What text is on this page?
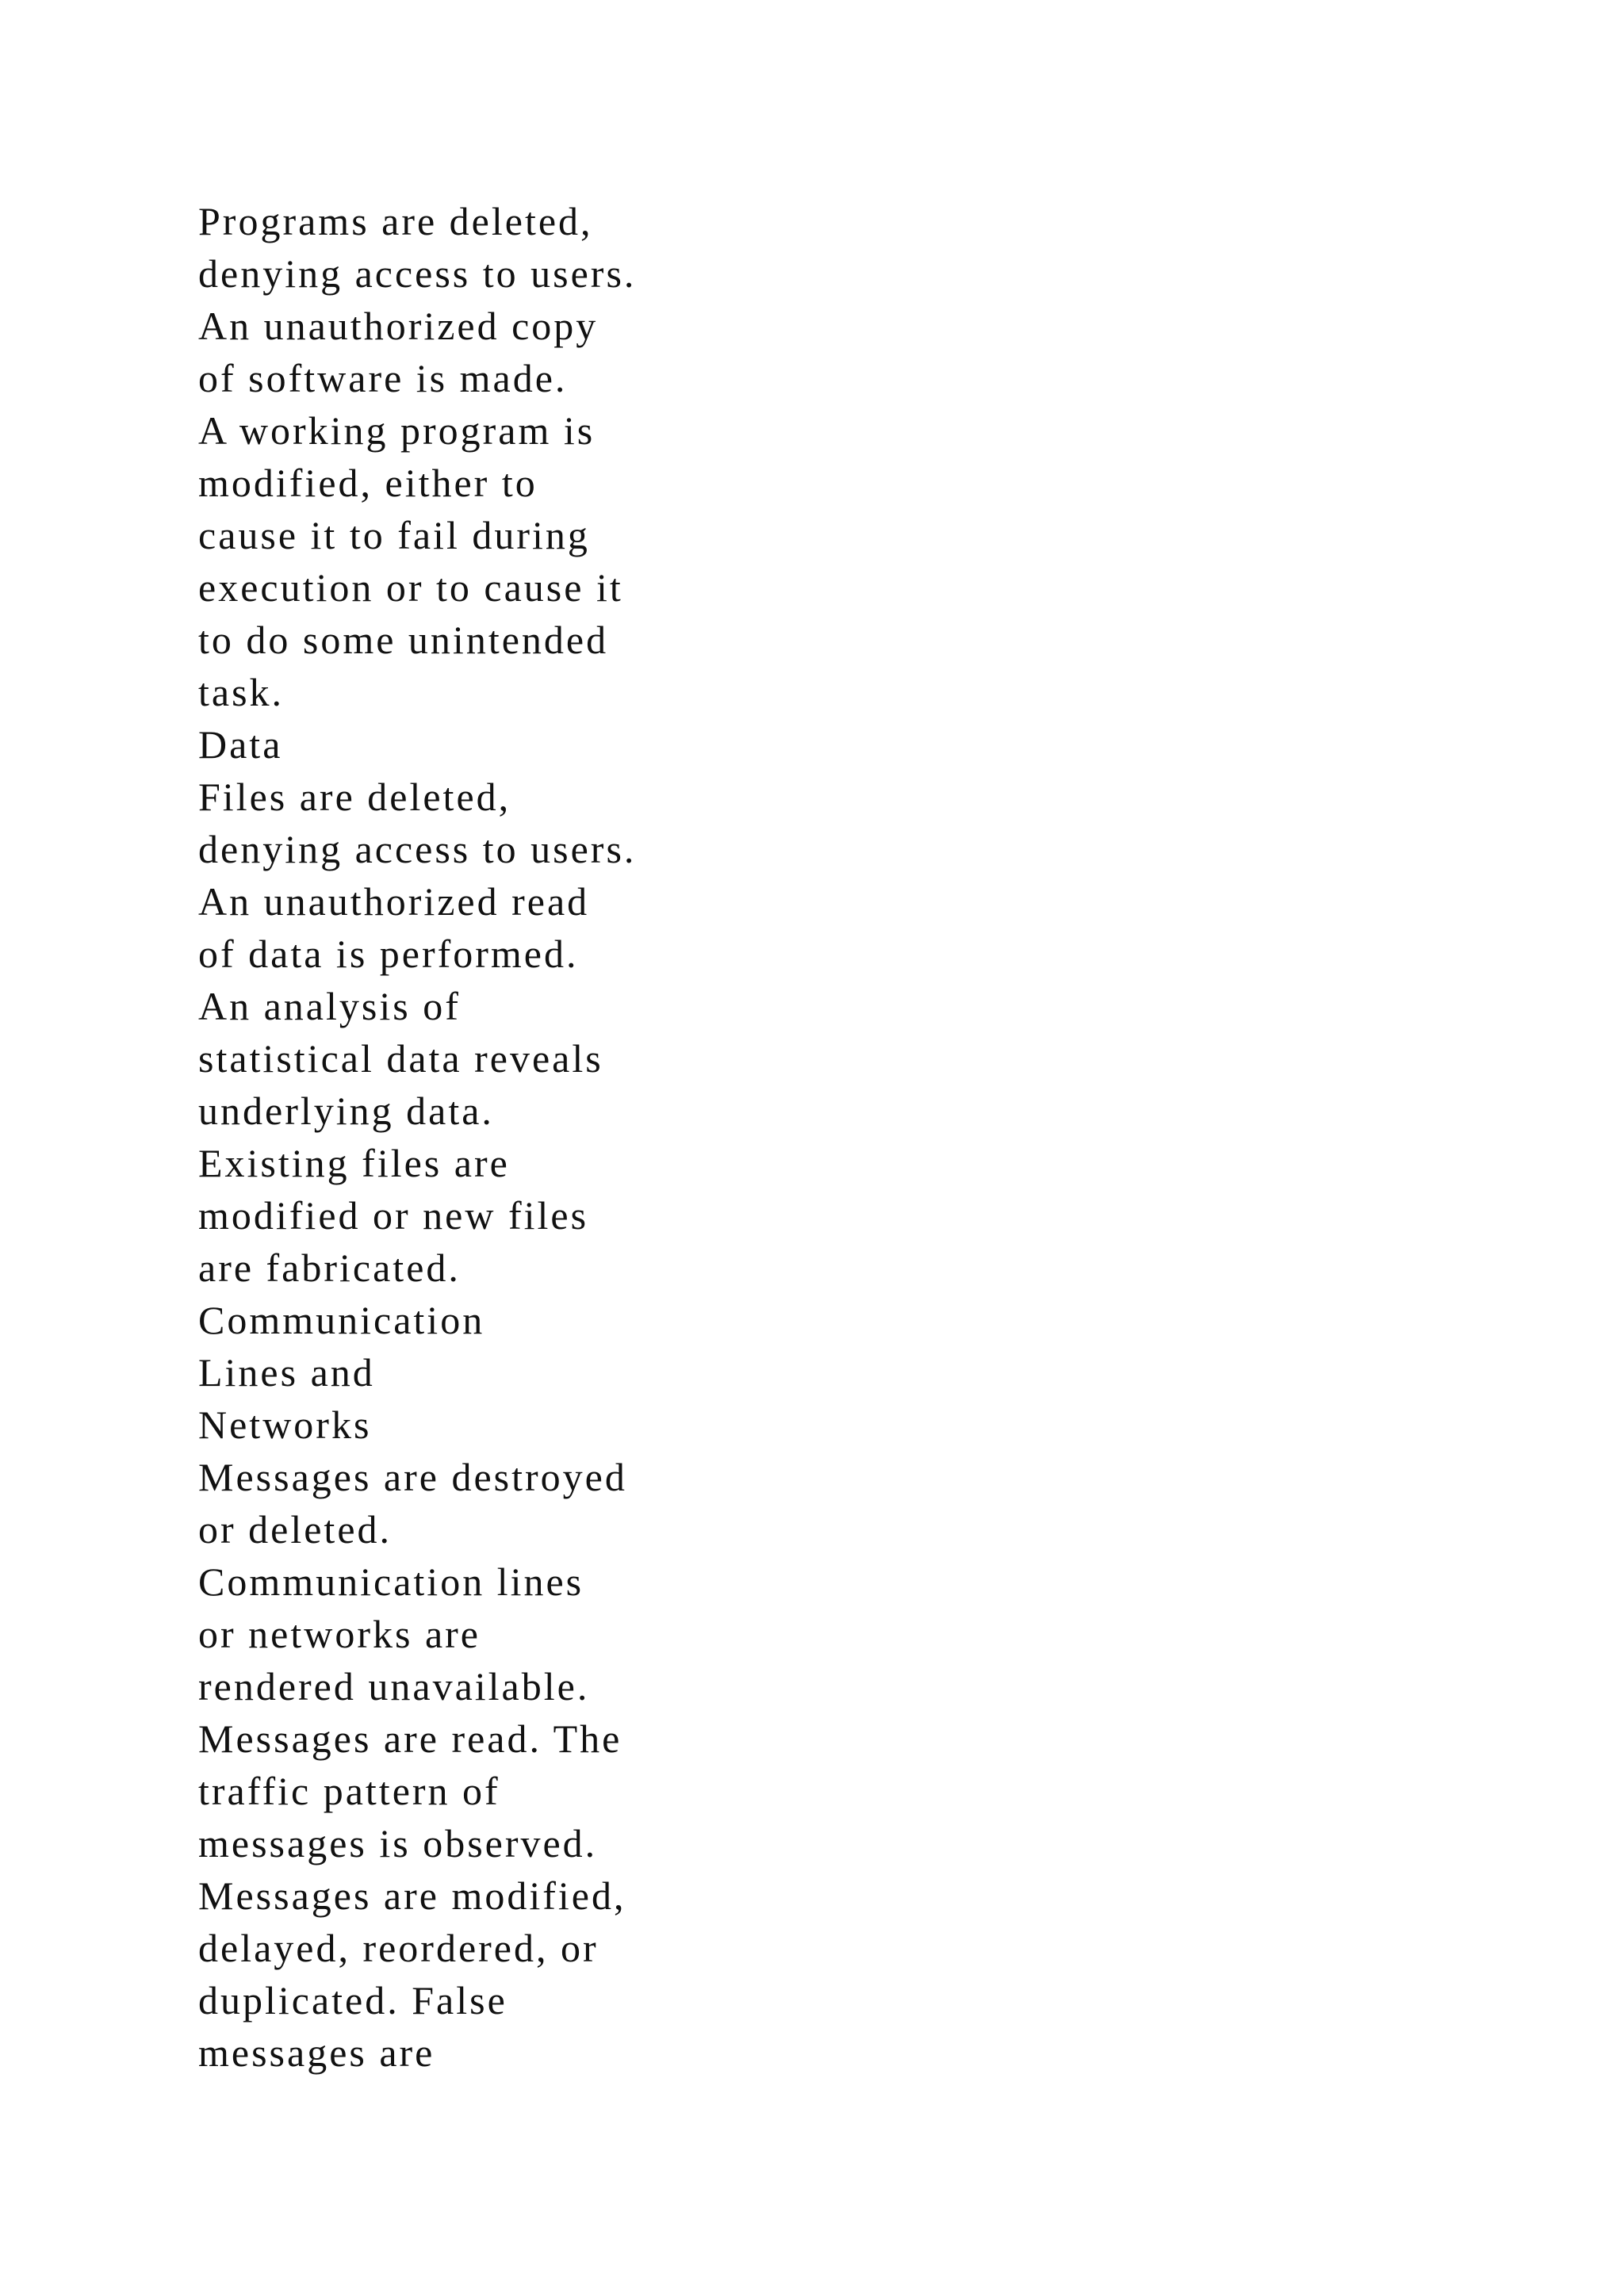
Programs are deleted,
denying access to users.
An unauthorized copy
of software is made.
A working program is
modified, either to
cause it to fail during
execution or to cause it
to do some unintended
task.
Data
Files are deleted,
denying access to users.
An unauthorized read
of data is performed.
An analysis of
statistical data reveals
underlying data.
Existing files are
modified or new files
are fabricated.
Communication
Lines and
Networks
Messages are destroyed
or deleted.
Communication lines
or networks are
rendered unavailable.
Messages are read. The
traffic pattern of
messages is observed.
Messages are modified,
delayed, reordered, or
duplicated. False
messages are
